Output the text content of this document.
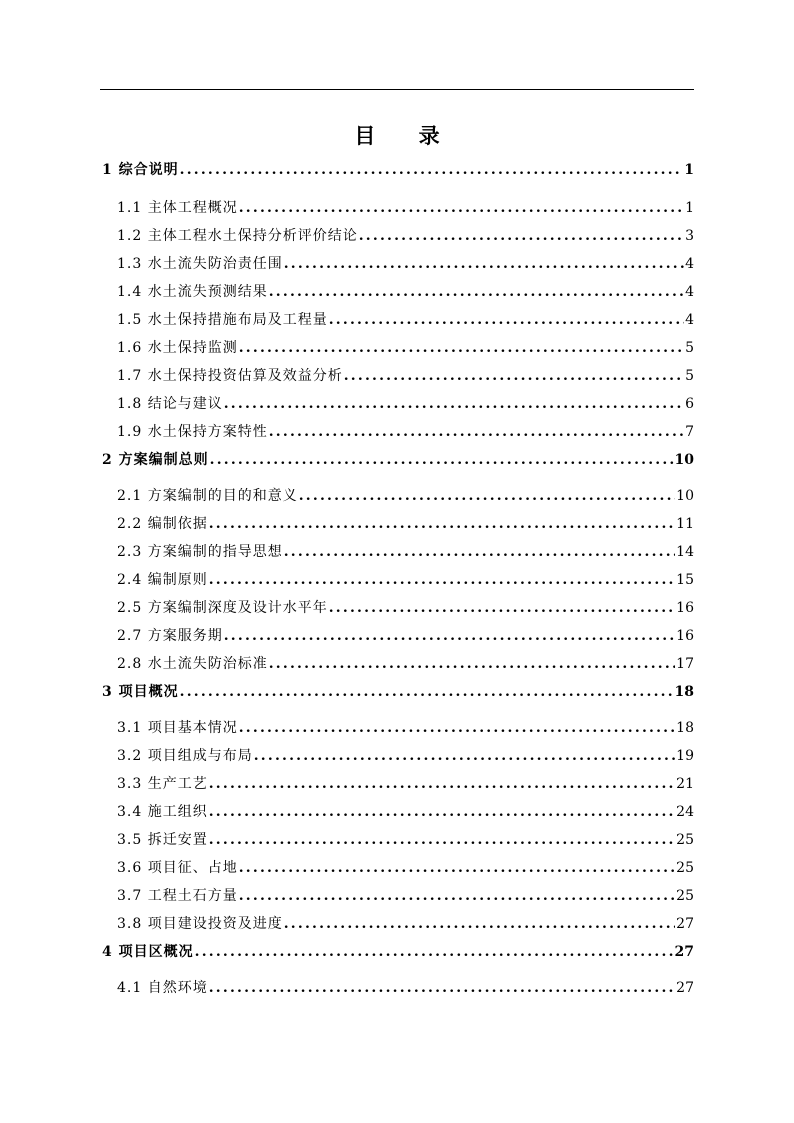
目 录
1 综合说明 .....	1
1.1 主体工程概况 .....	1
1.2 主体工程水土保持分析评价结论 .....	3
1.3 水土流失防治责任围 .....	4
1.4 水土流失预测结果 .....	4
1.5 水土保持措施布局及工程量 .....	4
1.6 水土保持监测 .....	5
1.7 水土保持投资估算及效益分析 .....	5
1.8 结论与建议 .....	6
1.9 水土保持方案特性 .....	7
2 方案编制总则 .....	10
2.1 方案编制的目的和意义 .....	10
2.2 编制依据 .....	11
2.3 方案编制的指导思想 .....	14
2.4 编制原则 .....	15
2.5 方案编制深度及设计水平年 .....	16
2.7 方案服务期 .....	16
2.8 水土流失防治标准 .....	17
3 项目概况 .....	18
3.1 项目基本情况 .....	18
3.2 项目组成与布局 .....	19
3.3 生产工艺 .....	21
3.4 施工组织 .....	24
3.5 拆迁安置 .....	25
3.6 项目征、占地 .....	25
3.7 工程土石方量 .....	25
3.8 项目建设投资及进度 .....	27
4 项目区概况 .....	27
4.1 自然环境 .....	27
